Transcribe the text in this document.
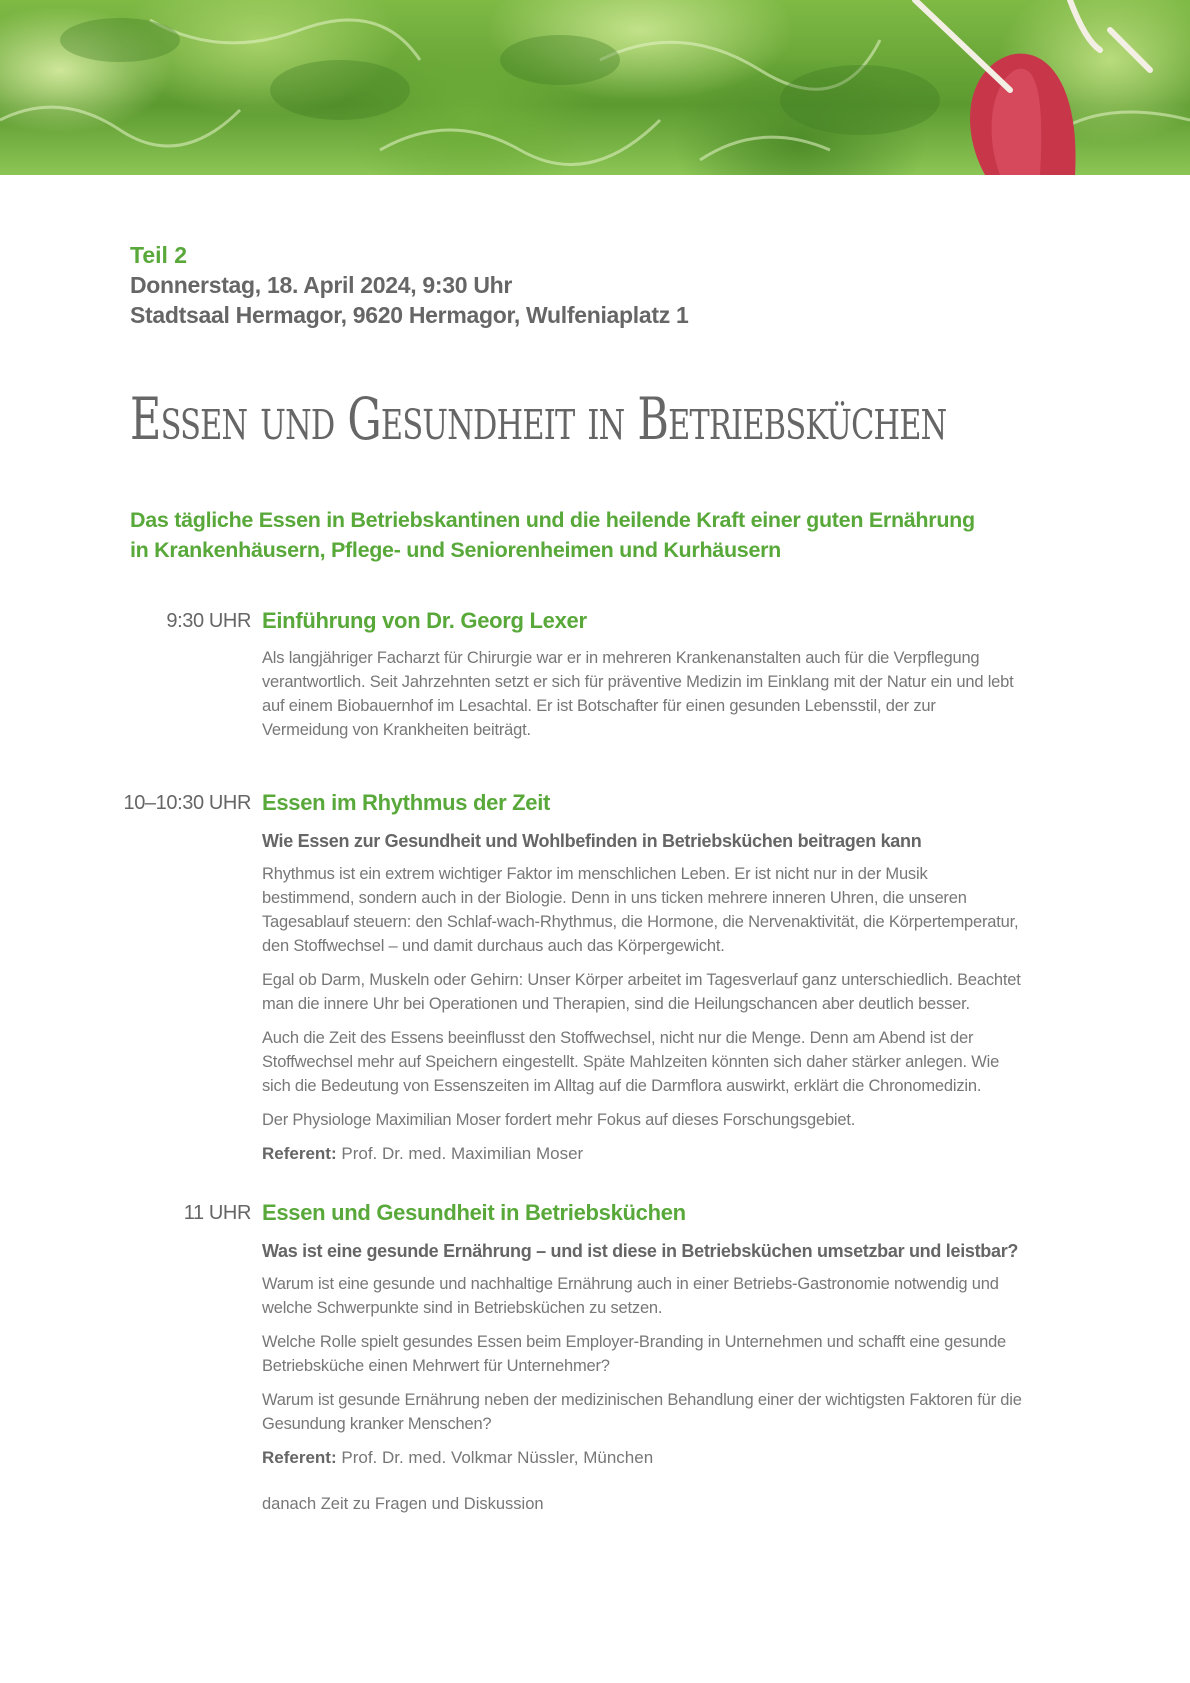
Teil 2
Donnerstag, 18. April 2024, 9:30 Uhr
Stadtsaal Hermagor, 9620 Hermagor, Wulfeniaplatz 1
Essen und Gesundheit in Betriebsküchen

Das tägliche Essen in Betriebskantinen und die heilende Kraft einer guten Ernährung in Krankenhäusern, Pflege- und Seniorenheimen und Kurhäusern

9:30 UHR Einführung von Dr. Georg Lexer

Als langjähriger Facharzt für Chirurgie war er in mehreren Krankenanstalten auch für die Verpflegung verantwortlich. Seit Jahrzehnten setzt er sich für präventive Medizin im Einklang mit der Natur ein und lebt auf einem Biobauernhof im Lesachtal. Er ist Botschafter für einen gesunden Lebensstil, der zur Vermeidung von Krankheiten beiträgt.

10–10:30 UHR Essen im Rhythmus der Zeit

Wie Essen zur Gesundheit und Wohlbefinden in Betriebsküchen beitragen kann

Rhythmus ist ein extrem wichtiger Faktor im menschlichen Leben. Er ist nicht nur in der Musik bestimmend, sondern auch in der Biologie. Denn in uns ticken mehrere inneren Uhren, die unseren Tagesablauf steuern: den Schlaf-wach-Rhythmus, die Hormone, die Nervenaktivität, die Körpertemperatur, den Stoffwechsel – und damit durchaus auch das Körpergewicht.

Egal ob Darm, Muskeln oder Gehirn: Unser Körper arbeitet im Tagesverlauf ganz unterschiedlich. Beachtet man die innere Uhr bei Operationen und Therapien, sind die Heilungschancen aber deutlich besser.

Auch die Zeit des Essens beeinflusst den Stoffwechsel, nicht nur die Menge. Denn am Abend ist der Stoffwechsel mehr auf Speichern eingestellt. Späte Mahlzeiten könnten sich daher stärker anlegen. Wie sich die Bedeutung von Essenszeiten im Alltag auf die Darmflora auswirkt, erklärt die Chronomedizin.

Der Physiologe Maximilian Moser fordert mehr Fokus auf dieses Forschungsgebiet.

Referent: Prof. Dr. med. Maximilian Moser

11 UHR Essen und Gesundheit in Betriebsküchen

Was ist eine gesunde Ernährung – und ist diese in Betriebsküchen umsetzbar und leistbar?

Warum ist eine gesunde und nachhaltige Ernährung auch in einer Betriebs-Gastronomie notwendig und welche Schwerpunkte sind in Betriebsküchen zu setzen.

Welche Rolle spielt gesundes Essen beim Employer-Branding in Unternehmen und schafft eine gesunde Betriebsküche einen Mehrwert für Unternehmer?

Warum ist gesunde Ernährung neben der medizinischen Behandlung einer der wichtigsten Faktoren für die Gesundung kranker Menschen?

Referent: Prof. Dr. med. Volkmar Nüssler, München

danach Zeit zu Fragen und Diskussion
